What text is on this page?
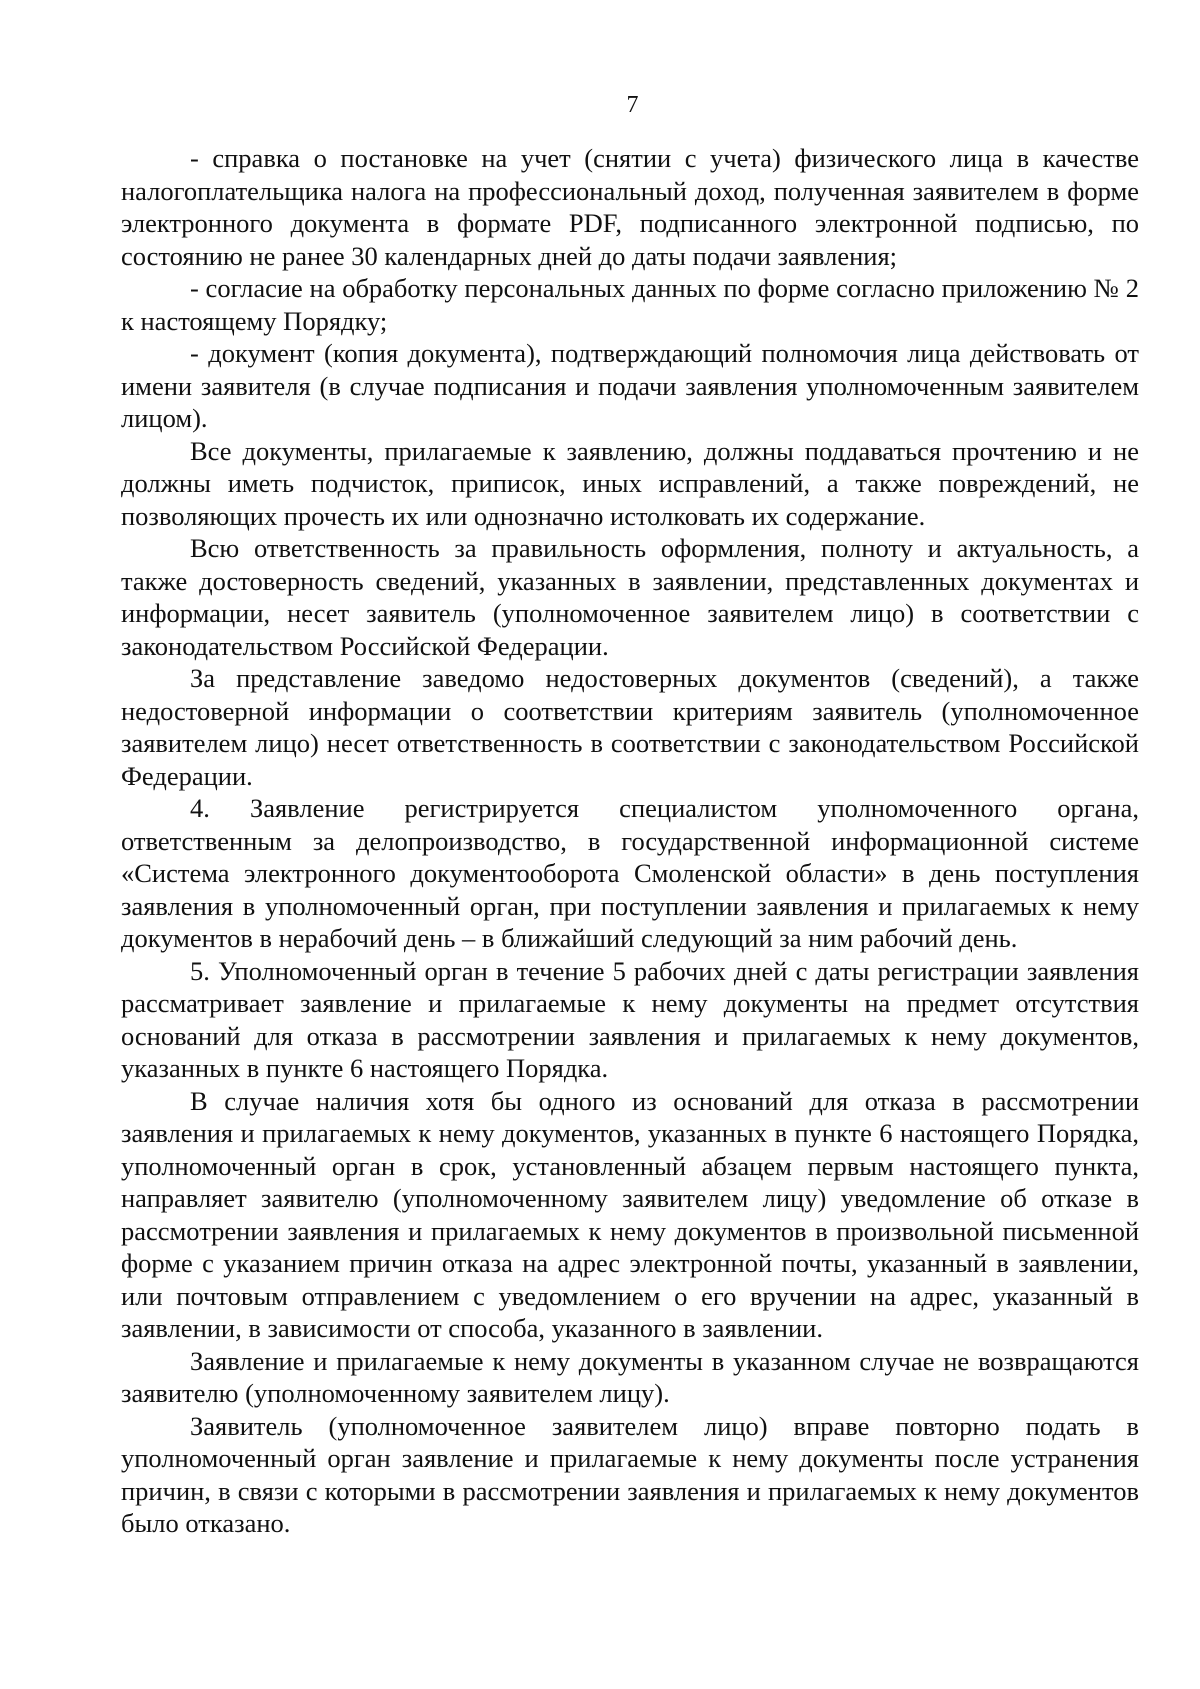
7

- справка о постановке на учет (снятии с учета) физического лица в качестве налогоплательщика налога на профессиональный доход, полученная заявителем в форме электронного документа в формате PDF, подписанного электронной подписью, по состоянию не ранее 30 календарных дней до даты подачи заявления;

- согласие на обработку персональных данных по форме согласно приложению № 2 к настоящему Порядку;

- документ (копия документа), подтверждающий полномочия лица действовать от имени заявителя (в случае подписания и подачи заявления уполномоченным заявителем лицом).

Все документы, прилагаемые к заявлению, должны поддаваться прочтению и не должны иметь подчисток, приписок, иных исправлений, а также повреждений, не позволяющих прочесть их или однозначно истолковать их содержание.

Всю ответственность за правильность оформления, полноту и актуальность, а также достоверность сведений, указанных в заявлении, представленных документах и информации, несет заявитель (уполномоченное заявителем лицо) в соответствии с законодательством Российской Федерации.

За представление заведомо недостоверных документов (сведений), а также недостоверной информации о соответствии критериям заявитель (уполномоченное заявителем лицо) несет ответственность в соответствии с законодательством Российской Федерации.

4. Заявление регистрируется специалистом уполномоченного органа, ответственным за делопроизводство, в государственной информационной системе «Система электронного документооборота Смоленской области» в день поступления заявления в уполномоченный орган, при поступлении заявления и прилагаемых к нему документов в нерабочий день – в ближайший следующий за ним рабочий день.

5. Уполномоченный орган в течение 5 рабочих дней с даты регистрации заявления рассматривает заявление и прилагаемые к нему документы на предмет отсутствия оснований для отказа в рассмотрении заявления и прилагаемых к нему документов, указанных в пункте 6 настоящего Порядка.

В случае наличия хотя бы одного из оснований для отказа в рассмотрении заявления и прилагаемых к нему документов, указанных в пункте 6 настоящего Порядка, уполномоченный орган в срок, установленный абзацем первым настоящего пункта, направляет заявителю (уполномоченному заявителем лицу) уведомление об отказе в рассмотрении заявления и прилагаемых к нему документов в произвольной письменной форме с указанием причин отказа на адрес электронной почты, указанный в заявлении, или почтовым отправлением с уведомлением о его вручении на адрес, указанный в заявлении, в зависимости от способа, указанного в заявлении.

Заявление и прилагаемые к нему документы в указанном случае не возвращаются заявителю (уполномоченному заявителем лицу).

Заявитель (уполномоченное заявителем лицо) вправе повторно подать в уполномоченный орган заявление и прилагаемые к нему документы после устранения причин, в связи с которыми в рассмотрении заявления и прилагаемых к нему документов было отказано.
